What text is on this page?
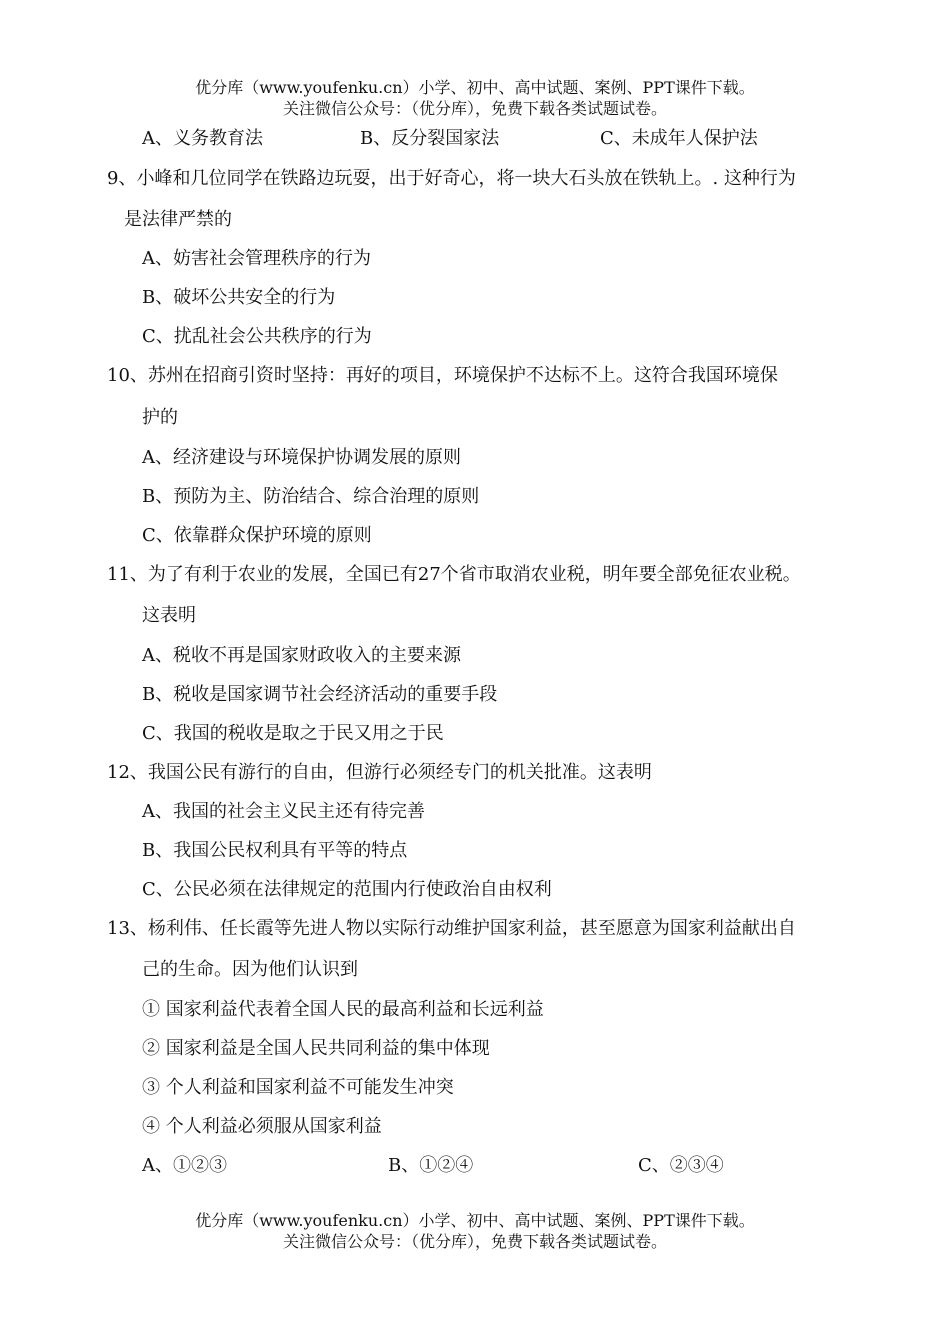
优分库（www.youfenku.cn）小学、初中、高中试题、案例、PPT课件下载。
关注微信公众号：（优分库），免费下载各类试题试卷。
A、义务教育法	B、反分裂国家法	C、未成年人保护法
9、小峰和几位同学在铁路边玩耍，出于好奇心，将一块大石头放在铁轨上。. 这种行为
是法律严禁的
A、妨害社会管理秩序的行为
B、破坏公共安全的行为
C、扰乱社会公共秩序的行为
10、苏州在招商引资时坚持：再好的项目，环境保护不达标不上。这符合我国环境保
护的
A、经济建设与环境保护协调发展的原则
B、预防为主、防治结合、综合治理的原则
C、依靠群众保护环境的原则
11、为了有利于农业的发展，全国已有27个省市取消农业税，明年要全部免征农业税。
这表明
A、税收不再是国家财政收入的主要来源
B、税收是国家调节社会经济活动的重要手段
C、我国的税收是取之于民又用之于民
12、我国公民有游行的自由，但游行必须经专门的机关批准。这表明
A、我国的社会主义民主还有待完善
B、我国公民权利具有平等的特点
C、公民必须在法律规定的范围内行使政治自由权利
13、杨利伟、任长霞等先进人物以实际行动维护国家利益，甚至愿意为国家利益献出自
己的生命。因为他们认识到
① 国家利益代表着全国人民的最高利益和长远利益
② 国家利益是全国人民共同利益的集中体现
③ 个人利益和国家利益不可能发生冲突
④ 个人利益必须服从国家利益
A、①②③	B、①②④	C、②③④
优分库（www.youfenku.cn）小学、初中、高中试题、案例、PPT课件下载。
关注微信公众号：（优分库），免费下载各类试题试卷。
